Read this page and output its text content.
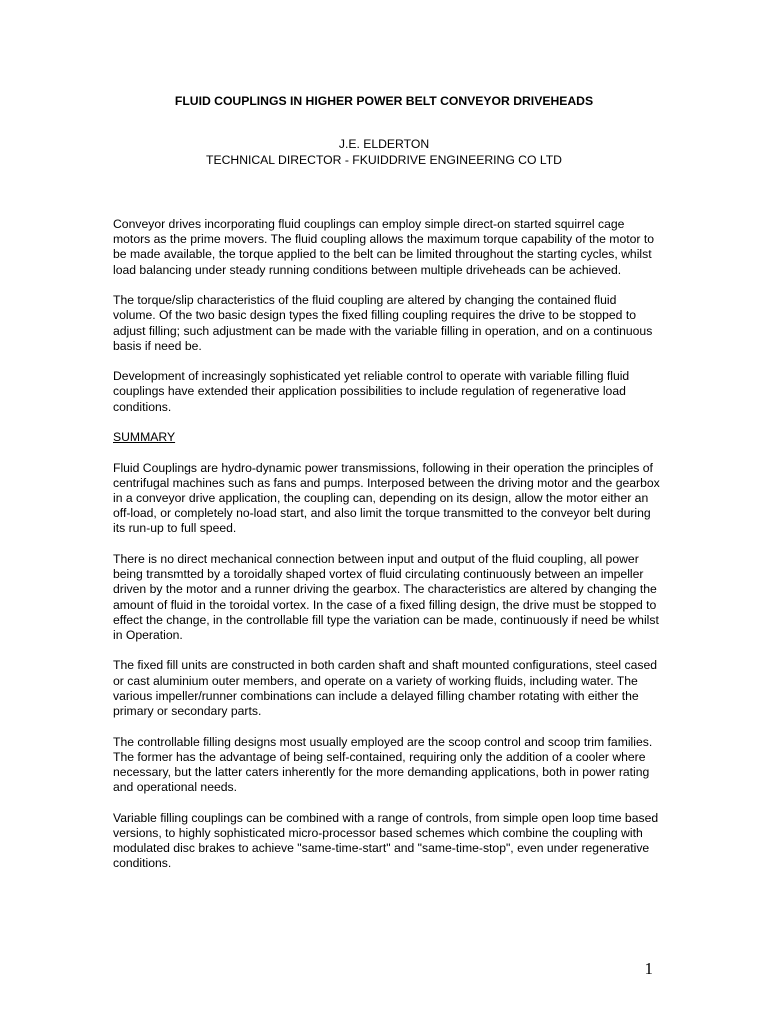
FLUID COUPLINGS IN HIGHER POWER BELT CONVEYOR DRIVEHEADS
J.E. ELDERTON
TECHNICAL DIRECTOR - FKUIDDRIVE ENGINEERING CO LTD

Conveyor drives incorporating fluid couplings can employ simple direct-on started squirrel cage motors as the prime movers. The fluid coupling allows the maximum torque capability of the motor to be made available, the torque applied to the belt can be limited throughout the starting cycles, whilst load balancing under steady running conditions between multiple driveheads can be achieved.

The torque/slip characteristics of the fluid coupling are altered by changing the contained fluid volume. Of the two basic design types the fixed filling coupling requires the drive to be stopped to adjust filling; such adjustment can be made with the variable filling in operation, and on a continuous basis if need be.

Development of increasingly sophisticated yet reliable control to operate with variable filling fluid couplings have extended their application possibilities to include regulation of regenerative load conditions.

SUMMARY

Fluid Couplings are hydro-dynamic power transmissions, following in their operation the principles of centrifugal machines such as fans and pumps. Interposed between the driving motor and the gearbox in a conveyor drive application, the coupling can, depending on its design, allow the motor either an off-load, or completely no-load start, and also limit the torque transmitted to the conveyor belt during its run-up to full speed.

There is no direct mechanical connection between input and output of the fluid coupling, all power being transmtted by a toroidally shaped vortex of fluid circulating continuously between an impeller driven by the motor and a runner driving the gearbox. The characteristics are altered by changing the amount of fluid in the toroidal vortex. In the case of a fixed filling design, the drive must be stopped to effect the change, in the controllable fill type the variation can be made, continuously if need be whilst in Operation.

The fixed fill units are constructed in both carden shaft and shaft mounted configurations, steel cased or cast aluminium outer members, and operate on a variety of working fluids, including water. The various impeller/runner combinations can include a delayed filling chamber rotating with either the primary or secondary parts.

The controllable filling designs most usually employed are the scoop control and scoop trim families. The former has the advantage of being self-contained, requiring only the addition of a cooler where necessary, but the latter caters inherently for the more demanding applications, both in power rating and operational needs.

Variable filling couplings can be combined with a range of controls, from simple open loop time based versions, to highly sophisticated micro-processor based schemes which combine the coupling with modulated disc brakes to achieve "same-time-start" and "same-time-stop", even under regenerative conditions.

1
